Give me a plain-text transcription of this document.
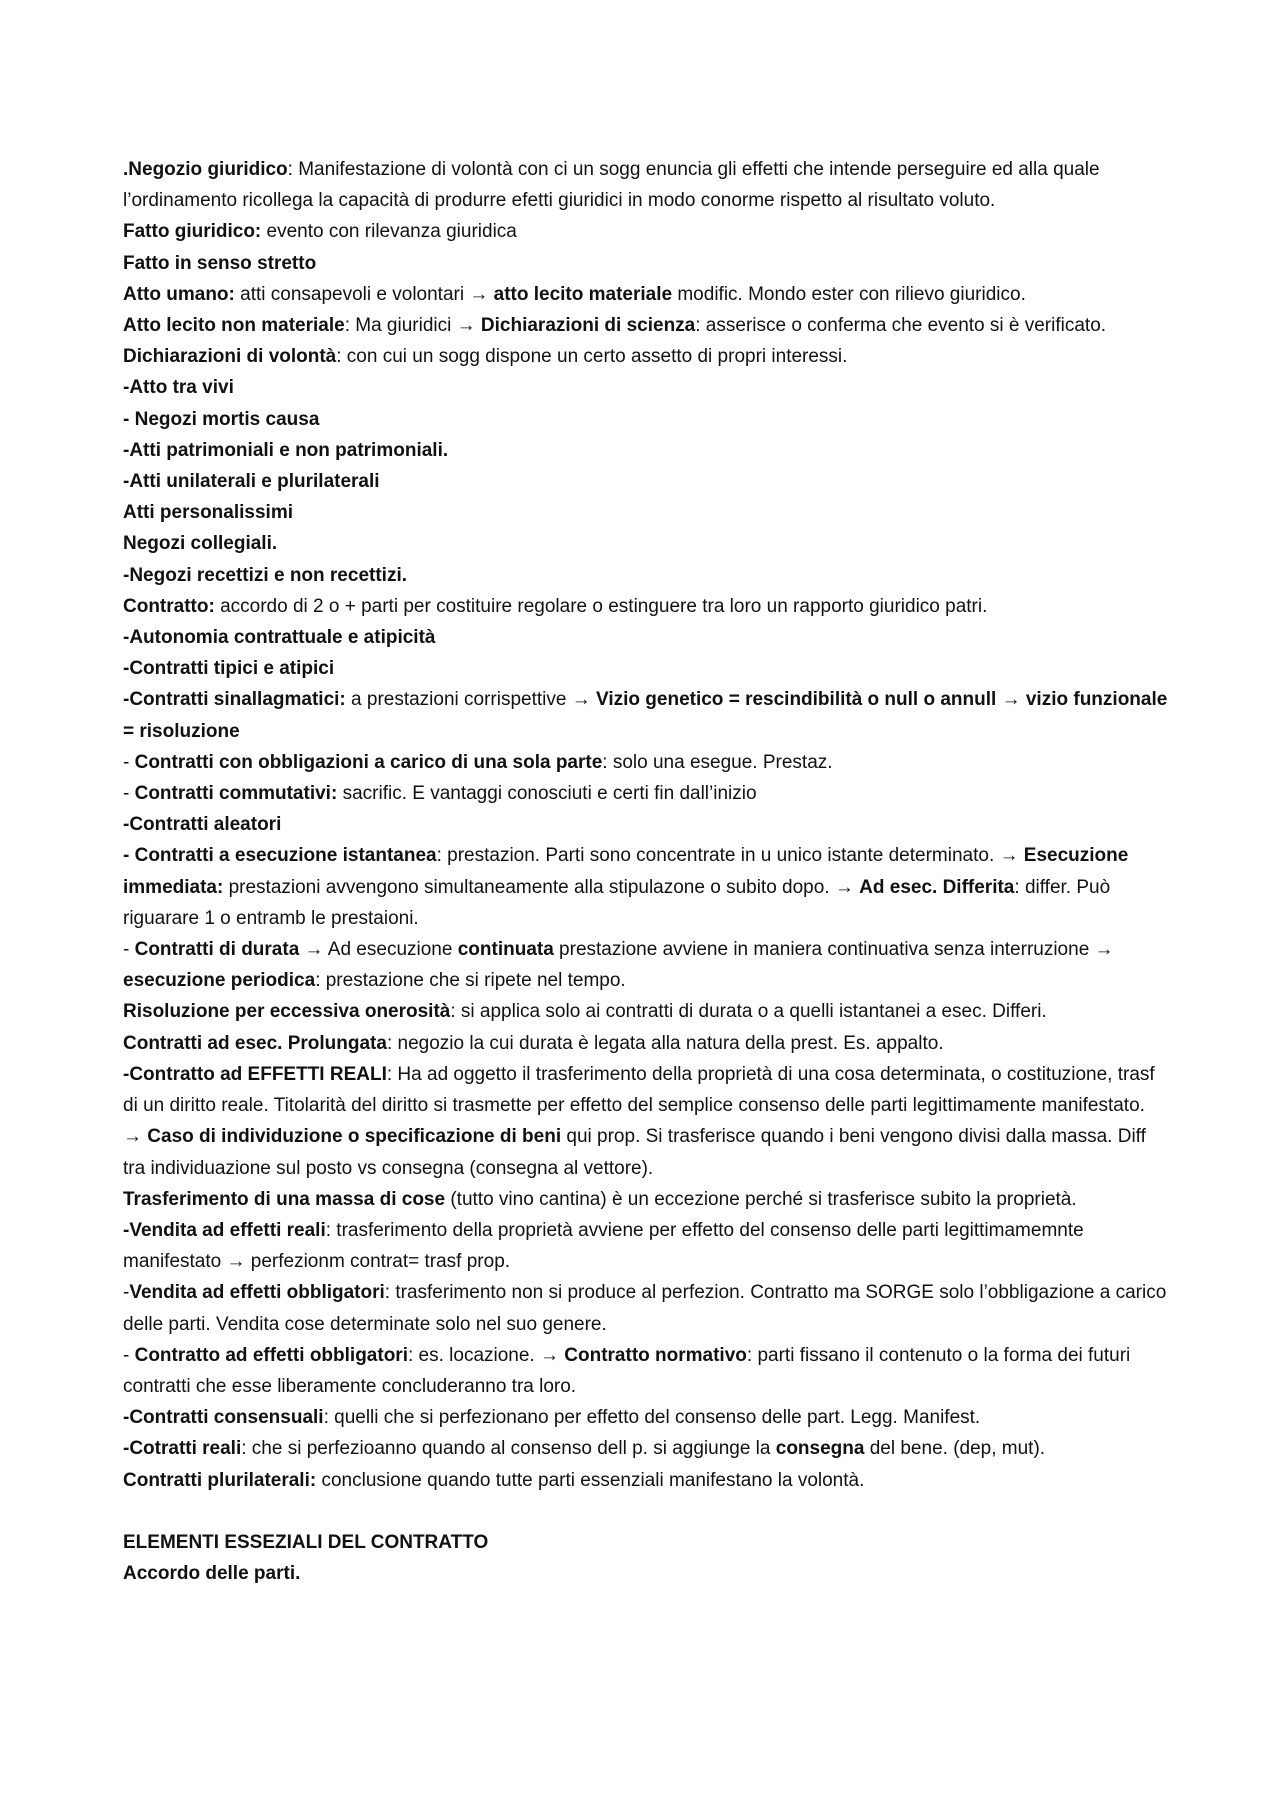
.Negozio giuridico: Manifestazione di volontà con ci un sogg enuncia gli effetti che intende perseguire ed alla quale l’ordinamento ricollega la capacità di produrre efetti giuridici in modo conorme rispetto al risultato voluto.

Fatto giuridico: evento con rilevanza giuridica

Fatto in senso stretto

Atto umano: atti consapevoli e volontari → atto lecito materiale modific. Mondo ester con rilievo giuridico.

Atto lecito non materiale: Ma giuridici → Dichiarazioni di scienza: asserisce o conferma che evento si è verificato. Dichiarazioni di volontà: con cui un sogg dispone un certo assetto di propri interessi.

-Atto tra vivi

- Negozi mortis causa

-Atti patrimoniali e non patrimoniali.

-Atti unilaterali e plurilaterali

Atti personalissimi

Negozi collegiali.

-Negozi recettizi e non recettizi.

Contratto: accordo di 2 o + parti per costituire regolare o estinguere tra loro un rapporto giuridico patri.

-Autonomia contrattuale e atipicità

-Contratti tipici e atipici

-Contratti sinallagmatici: a prestazioni corrispettive → Vizio genetico = rescindibilità o null o annull → vizio funzionale = risoluzione

- Contratti con obbligazioni a carico di una sola parte: solo una esegue. Prestaz.

- Contratti commutativi: sacrific. E vantaggi conosciuti e certi fin dall’inizio

-Contratti aleatori

- Contratti a esecuzione istantanea: prestazion. Parti sono concentrate in u unico istante determinato. → Esecuzione immediata: prestazioni avvengono simultaneamente alla stipulazone o subito dopo. → Ad esec. Differita: differ. Può riguarare 1 o entramb le prestaioni.

- Contratti di durata → Ad esecuzione continuata prestazione avviene in maniera continuativa senza interruzione → esecuzione periodica: prestazione che si ripete nel tempo.

Risoluzione per eccessiva onerosità: si applica solo ai contratti di durata o a quelli istantanei a esec. Differi.

Contratti ad esec. Prolungata: negozio la cui durata è legata alla natura della prest. Es. appalto.

-Contratto ad EFFETTI REALI: Ha ad oggetto il trasferimento della proprietà di una cosa determinata, o costituzione, trasf di un diritto reale. Titolarità del diritto si trasmette per effetto del semplice consenso delle parti legittimamente manifestato. → Caso di individuzione o specificazione di beni qui prop. Si trasferisce quando i beni vengono divisi dalla massa. Diff tra individuazione sul posto vs consegna (consegna al vettore).

Trasferimento di una massa di cose (tutto vino cantina) è un eccezione perché si trasferisce subito la proprietà.

-Vendita ad effetti reali: trasferimento della proprietà avviene per effetto del consenso delle parti legittimamemnte manifestato → perfezionm contrat= trasf prop.

-Vendita ad effetti obbligatori: trasferimento non si produce al perfezion. Contratto ma SORGE solo l’obbligazione a carico delle parti. Vendita cose determinate solo nel suo genere.

- Contratto ad effetti obbligatori: es. locazione. → Contratto normativo: parti fissano il contenuto o la forma dei futuri contratti che esse liberamente concluderanno tra loro.

-Contratti consensuali: quelli che si perfezionano per effetto del consenso delle part. Legg. Manifest.

-Cotratti reali: che si perfezioanno quando al consenso dell p. si aggiunge la consegna del bene. (dep, mut).

Contratti plurilaterali: conclusione quando tutte parti essenziali manifestano la volontà.

ELEMENTI ESSEZIALI DEL CONTRATTO

Accordo delle parti.
